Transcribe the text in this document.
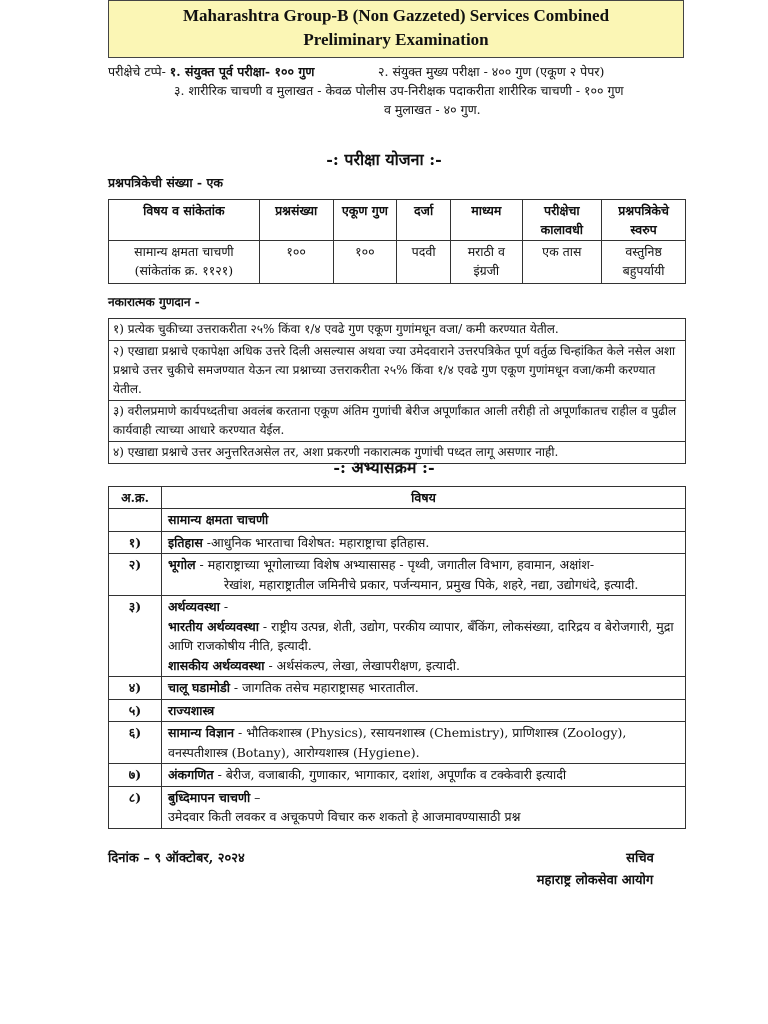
Maharashtra Group-B (Non Gazzeted) Services Combined
Preliminary Examination
परीक्षेचे टप्पे- १. संयुक्त पूर्व परीक्षा- १०० गुण	२. संयुक्त मुख्य परीक्षा - ४०० गुण (एकूण २ पेपर)
३. शारीरिक चाचणी व मुलाखत - केवळ पोलीस उप-निरीक्षक पदाकरीता शारीरिक चाचणी - १०० गुण
व मुलाखत - ४० गुण.
-: परीक्षा योजना :-
प्रश्नपत्रिकेची संख्या - एक
विषय व सांकेतांक	प्रश्नसंख्या	एकूण गुण	दर्जा	माध्यम	परीक्षेचा कालावधी	प्रश्नपत्रिकेचे स्वरुप

सामान्य क्षमता चाचणी
(सांकेतांक क्र. ११२१)	१००	१००	पदवी	मराठी व इंग्रजी	एक तास	वस्तुनिष्ठ बहुपर्यायी
नकारात्मक गुणदान -
१) प्रत्येक चुकीच्या उत्तराकरीता २५% किंवा १/४ एवढे गुण एकूण गुणांमधून वजा/ कमी करण्यात येतील.
२) एखाद्या प्रश्नाचे एकापेक्षा अधिक उत्तरे दिली असल्यास अथवा ज्या उमेदवाराने उत्तरपत्रिकेत पूर्ण वर्तुळ चिन्हांकित केले नसेल अशा प्रश्नाचे उत्तर चुकीचे समजण्यात येऊन त्या प्रश्नाच्या उत्तराकरीता २५% किंवा १/४ एवढे गुण एकूण गुणांमधून वजा/कमी करण्यात येतील.
३) वरीलप्रमाणे कार्यपध्दतीचा अवलंब करताना एकूण अंतिम गुणांची बेरीज अपूर्णांकात आली तरीही तो अपूर्णांकातच राहील व पुढील कार्यवाही त्याच्या आधारे करण्यात येईल.
४) एखाद्या प्रश्नाचे उत्तर अनुत्तरितअसेल तर, अशा प्रकरणी नकारात्मक गुणांची पध्दत लागू असणार नाही.
-: अभ्यासक्रम :-
अ.क्र.	विषय
	सामान्य क्षमता चाचणी
१)	इतिहास -आधुनिक भारताचा विशेषत: महाराष्ट्राचा इतिहास.
२)	भूगोल - महाराष्ट्राच्या भूगोलाच्या विशेष अभ्यासासह - पृथ्वी, जगातील विभाग, हवामान, अक्षांश-
रेखांश, महाराष्ट्रातील जमिनीचे प्रकार, पर्जन्यमान, प्रमुख पिके, शहरे, नद्या, उद्योगधंदे, इत्यादी.

३)	अर्थव्यवस्था -
भारतीय अर्थव्यवस्था - राष्ट्रीय उत्पन्न, शेती, उद्योग, परकीय व्यापार, बँकिंग, लोकसंख्या, दारिद्रय व बेरोजगारी, मुद्रा आणि राजकोषीय नीति, इत्यादी.
शासकीय अर्थव्यवस्था - अर्थसंकल्प, लेखा, लेखापरीक्षण, इत्यादी.

४)	चालू घडामोडी - जागतिक तसेच महाराष्ट्रासह भारतातील.
५)	राज्यशास्त्र
६)	सामान्य विज्ञान - भौतिकशास्त्र (Physics), रसायनशास्त्र (Chemistry), प्राणिशास्त्र (Zoology), वनस्पतीशास्त्र (Botany), आरोग्यशास्त्र (Hygiene).
७)	अंकगणित - बेरीज, वजाबाकी, गुणाकार, भागाकार, दशांश, अपूर्णांक व टक्केवारी इत्यादी
८)	बुध्दिमापन चाचणी –
उमेदवार किती लवकर व अचूकपणे विचार करु शकतो हे आजमावण्यासाठी प्रश्न
दिनांक – ९ ऑक्टोबर, २०२४	सचिव
महाराष्ट्र लोकसेवा आयोग
